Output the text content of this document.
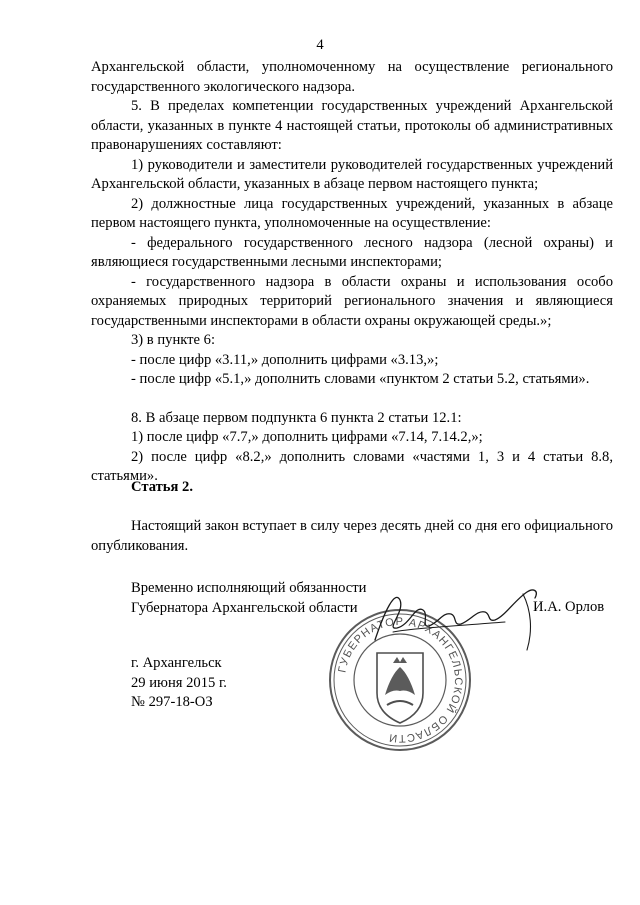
4

Архангельской области, уполномоченному на осуществление регионального государственного экологического надзора.

5. В пределах компетенции государственных учреждений Архангельской области, указанных в пункте 4 настоящей статьи, протоколы об административных правонарушениях составляют:

1) руководители и заместители руководителей государственных учреждений Архангельской области, указанных в абзаце первом настоящего пункта;

2) должностные лица государственных учреждений, указанных в абзаце первом настоящего пункта, уполномоченные на осуществление:

- федерального государственного лесного надзора (лесной охраны) и являющиеся государственными лесными инспекторами;

- государственного надзора в области охраны и использования особо охраняемых природных территорий регионального значения и являющиеся государственными инспекторами в области охраны окружающей среды.»;

3) в пункте 6:

- после цифр «3.11,» дополнить цифрами «3.13,»;

- после цифр «5.1,» дополнить словами «пунктом 2 статьи 5.2, статьями».

8. В абзаце первом подпункта 6 пункта 2 статьи 12.1:

1) после цифр «7.7,» дополнить цифрами «7.14, 7.14.2,»;

2) после цифр «8.2,» дополнить словами «частями 1, 3 и 4 статьи 8.8, статьями».

Статья 2.

Настоящий закон вступает в силу через десять дней со дня его официального опубликования.

Временно исполняющий обязанности
Губернатора Архангельской области	И.А. Орлов
ГУБЕРНАТОР АРХАНГЕЛЬСКОЙ ОБЛАСТИ
г. Архангельск
29 июня 2015 г.
№ 297-18-ОЗ
